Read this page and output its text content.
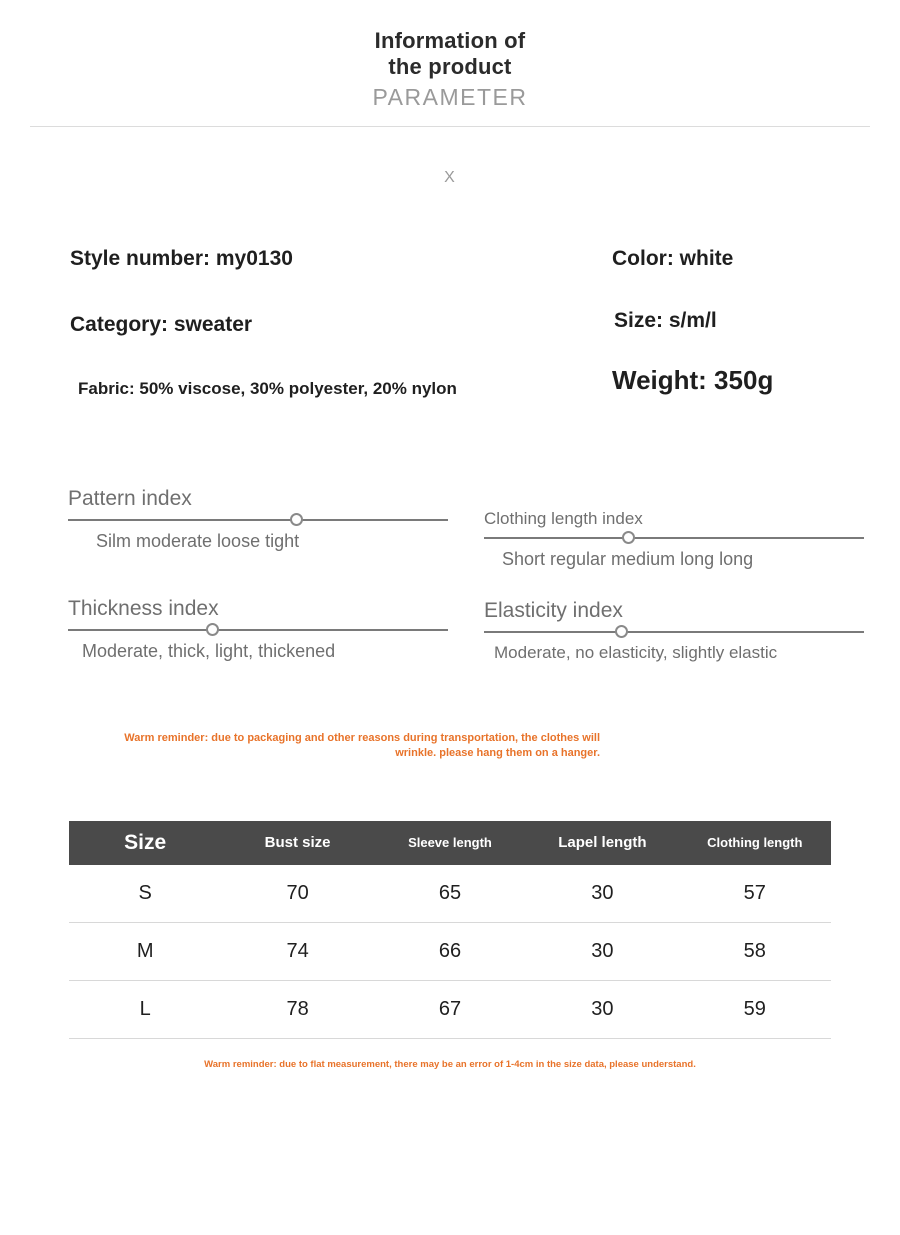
Information of
the product
PARAMETER
X
Style number: my0130
Category: sweater
Fabric: 50% viscose, 30% polyester, 20% nylon
Color: white
Size: s/m/l
Weight: 350g
Pattern index
Silm moderate loose tight
Clothing length index
Short regular medium long long
Thickness index
Moderate, thick, light, thickened
Elasticity index
Moderate, no elasticity, slightly elastic
Warm reminder: due to packaging and other reasons during transportation, the clothes will wrinkle. please hang them on a hanger.
Size	Bust size	Sleeve length	Lapel length	Clothing length
S	70	65	30	57
M	74	66	30	58
L	78	67	30	59
Warm reminder: due to flat measurement, there may be an error of 1-4cm in the size data, please understand.
